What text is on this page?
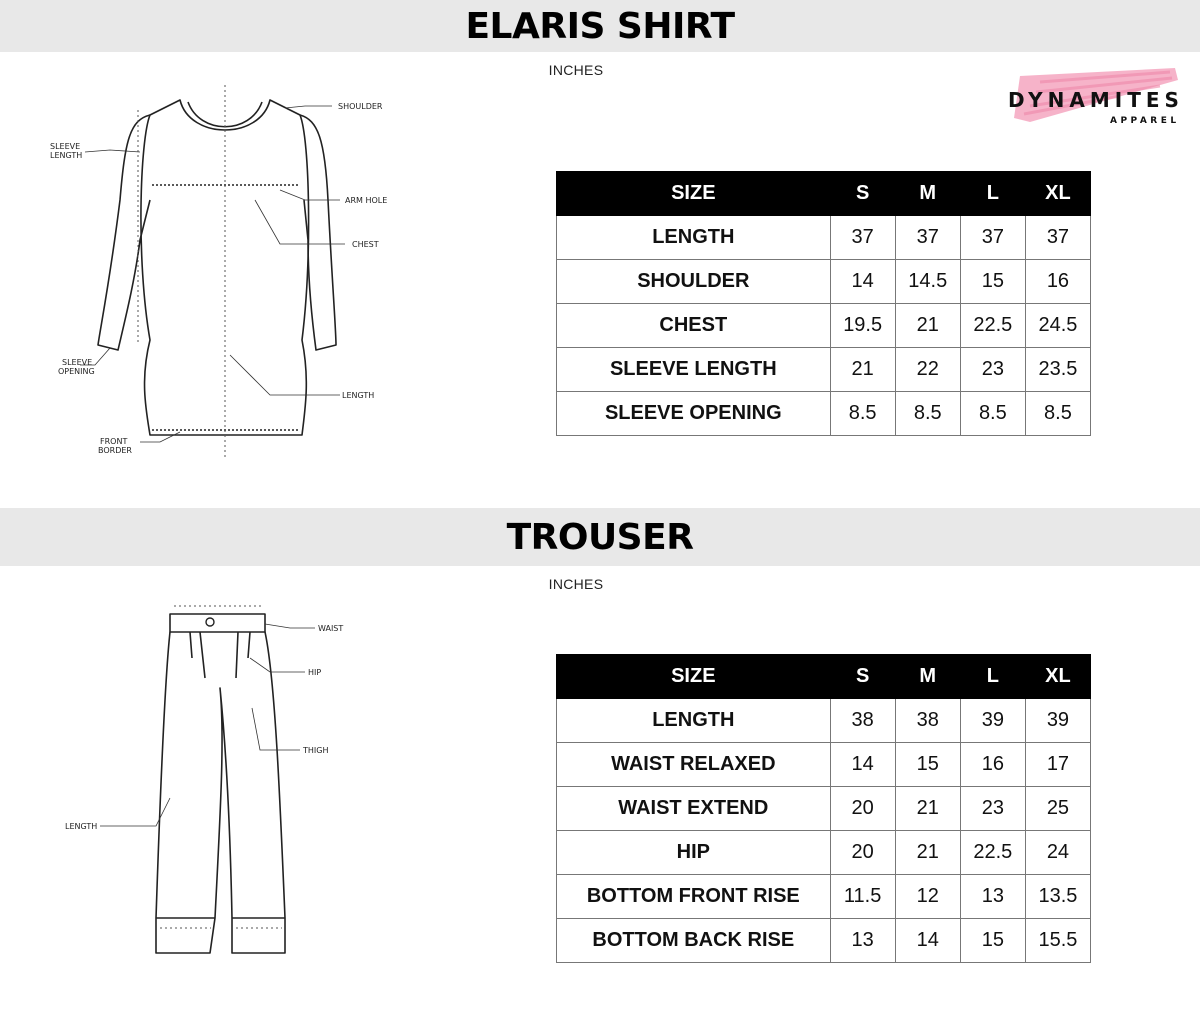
ELARIS SHIRT
INCHES
DYNAMITES
APPAREL
SHOULDER
SLEEVE
LENGTH
ARM HOLE
CHEST
SLEEVE
OPENING
LENGTH
FRONT
BORDER
SIZE	S	M	L	XL
LENGTH	37	37	37	37
SHOULDER	14	14.5	15	16
CHEST	19.5	21	22.5	24.5
SLEEVE LENGTH	21	22	23	23.5
SLEEVE OPENING	8.5	8.5	8.5	8.5
TROUSER
INCHES
WAIST
HIP
THIGH
LENGTH
SIZE	S	M	L	XL
LENGTH	38	38	39	39
WAIST RELAXED	14	15	16	17
WAIST EXTEND	20	21	23	25
HIP	20	21	22.5	24
BOTTOM FRONT RISE	11.5	12	13	13.5
BOTTOM BACK RISE	13	14	15	15.5
